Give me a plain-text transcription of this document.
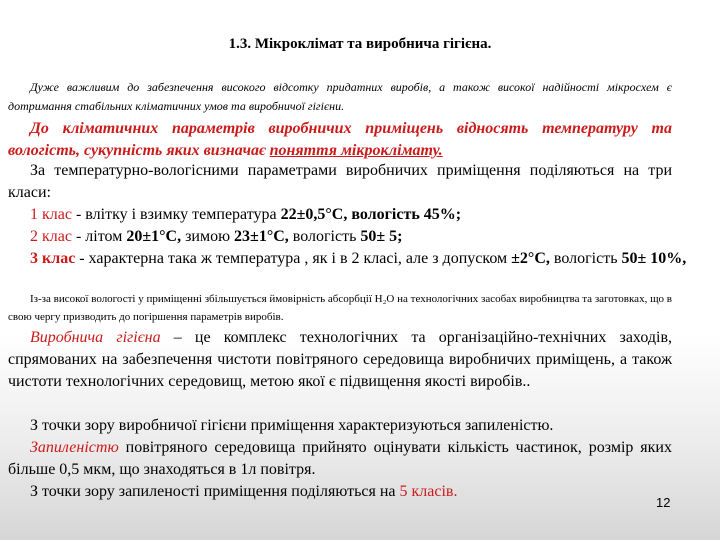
1.3. Мікроклімат та виробнича гігієна.
Дуже важливим до забезпечення високого відсотку придатних виробів, а також високої надійності мікросхем є дотримання стабільних кліматичних умов та виробничої гігієни.
До кліматичних параметрів виробничих приміщень відносять температуру та вологість, сукупність яких визначає поняття мікроклімату.
За температурно-вологісними параметрами виробничих приміщення поділяються на три класи:
1 клас - влітку і взимку температура 22±0,5°С, вологість 45%;
2 клас - літом 20±1°С, зимою 23±1°С, вологість 50± 5;
3 клас - характерна така ж температура , як і в 2 класі, але з допуском ±2°С, вологість 50± 10%,
Із-за високої вологості у приміщенні збільшується ймовірність абсорбції H₂O на технологічних засобах виробництва та заготовках, що в свою чергу призводить до погіршення параметрів виробів.
Виробнича гігієна – це комплекс технологічних та організаційно-технічних заходів, спрямованих на забезпечення чистоти повітряного середовища виробничих приміщень, а також чистоти технологічних середовищ, метою якої є підвищення якості виробів..
З точки зору виробничої гігієни приміщення характеризуються запиленістю.
Запиленістю повітряного середовища прийнято оцінувати кількість частинок, розмір яких більше 0,5 мкм, що знаходяться в 1л повітря.
З точки зору запиленості приміщення поділяються на 5 класів.
12
